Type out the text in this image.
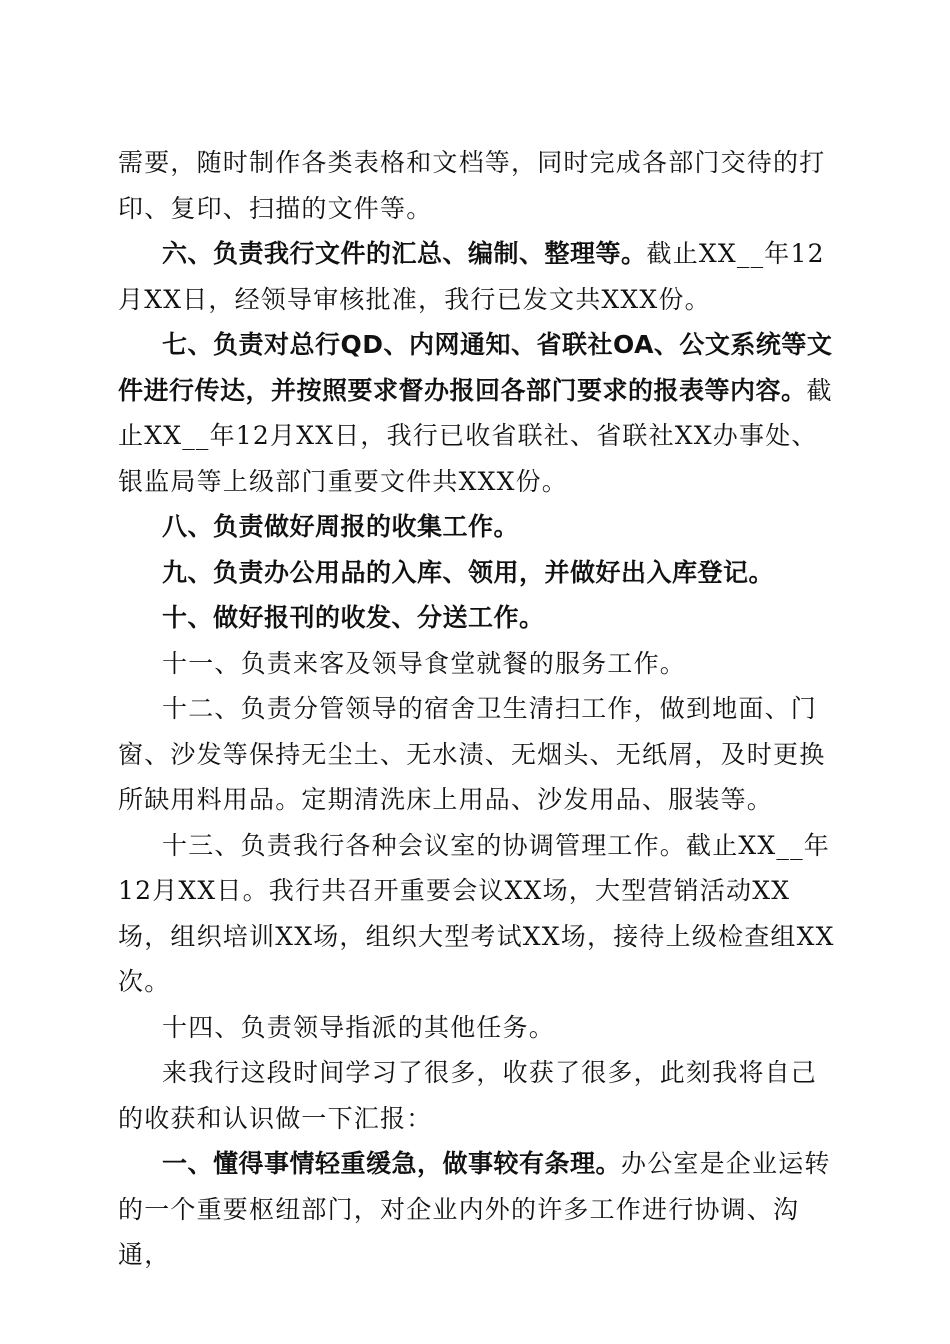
需要，随时制作各类表格和文档等，同时完成各部门交待的打印、复印、扫描的文件等。

六、负责我行文件的汇总、编制、整理等。截止XX__年12月XX日，经领导审核批准，我行已发文共XXX份。

七、负责对总行QD、内网通知、省联社OA、公文系统等文件进行传达，并按照要求督办报回各部门要求的报表等内容。截止XX__年12月XX日，我行已收省联社、省联社XX办事处、银监局等上级部门重要文件共XXX份。

八、负责做好周报的收集工作。

九、负责办公用品的入库、领用，并做好出入库登记。

十、做好报刊的收发、分送工作。

十一、负责来客及领导食堂就餐的服务工作。

十二、负责分管领导的宿舍卫生清扫工作，做到地面、门窗、沙发等保持无尘土、无水渍、无烟头、无纸屑，及时更换所缺用料用品。定期清洗床上用品、沙发用品、服装等。

十三、负责我行各种会议室的协调管理工作。截止XX__年12月XX日。我行共召开重要会议XX场，大型营销活动XX场，组织培训XX场，组织大型考试XX场，接待上级检查组XX次。

十四、负责领导指派的其他任务。

来我行这段时间学习了很多，收获了很多，此刻我将自己的收获和认识做一下汇报：

一、懂得事情轻重缓急，做事较有条理。办公室是企业运转的一个重要枢纽部门，对企业内外的许多工作进行协调、沟通，
